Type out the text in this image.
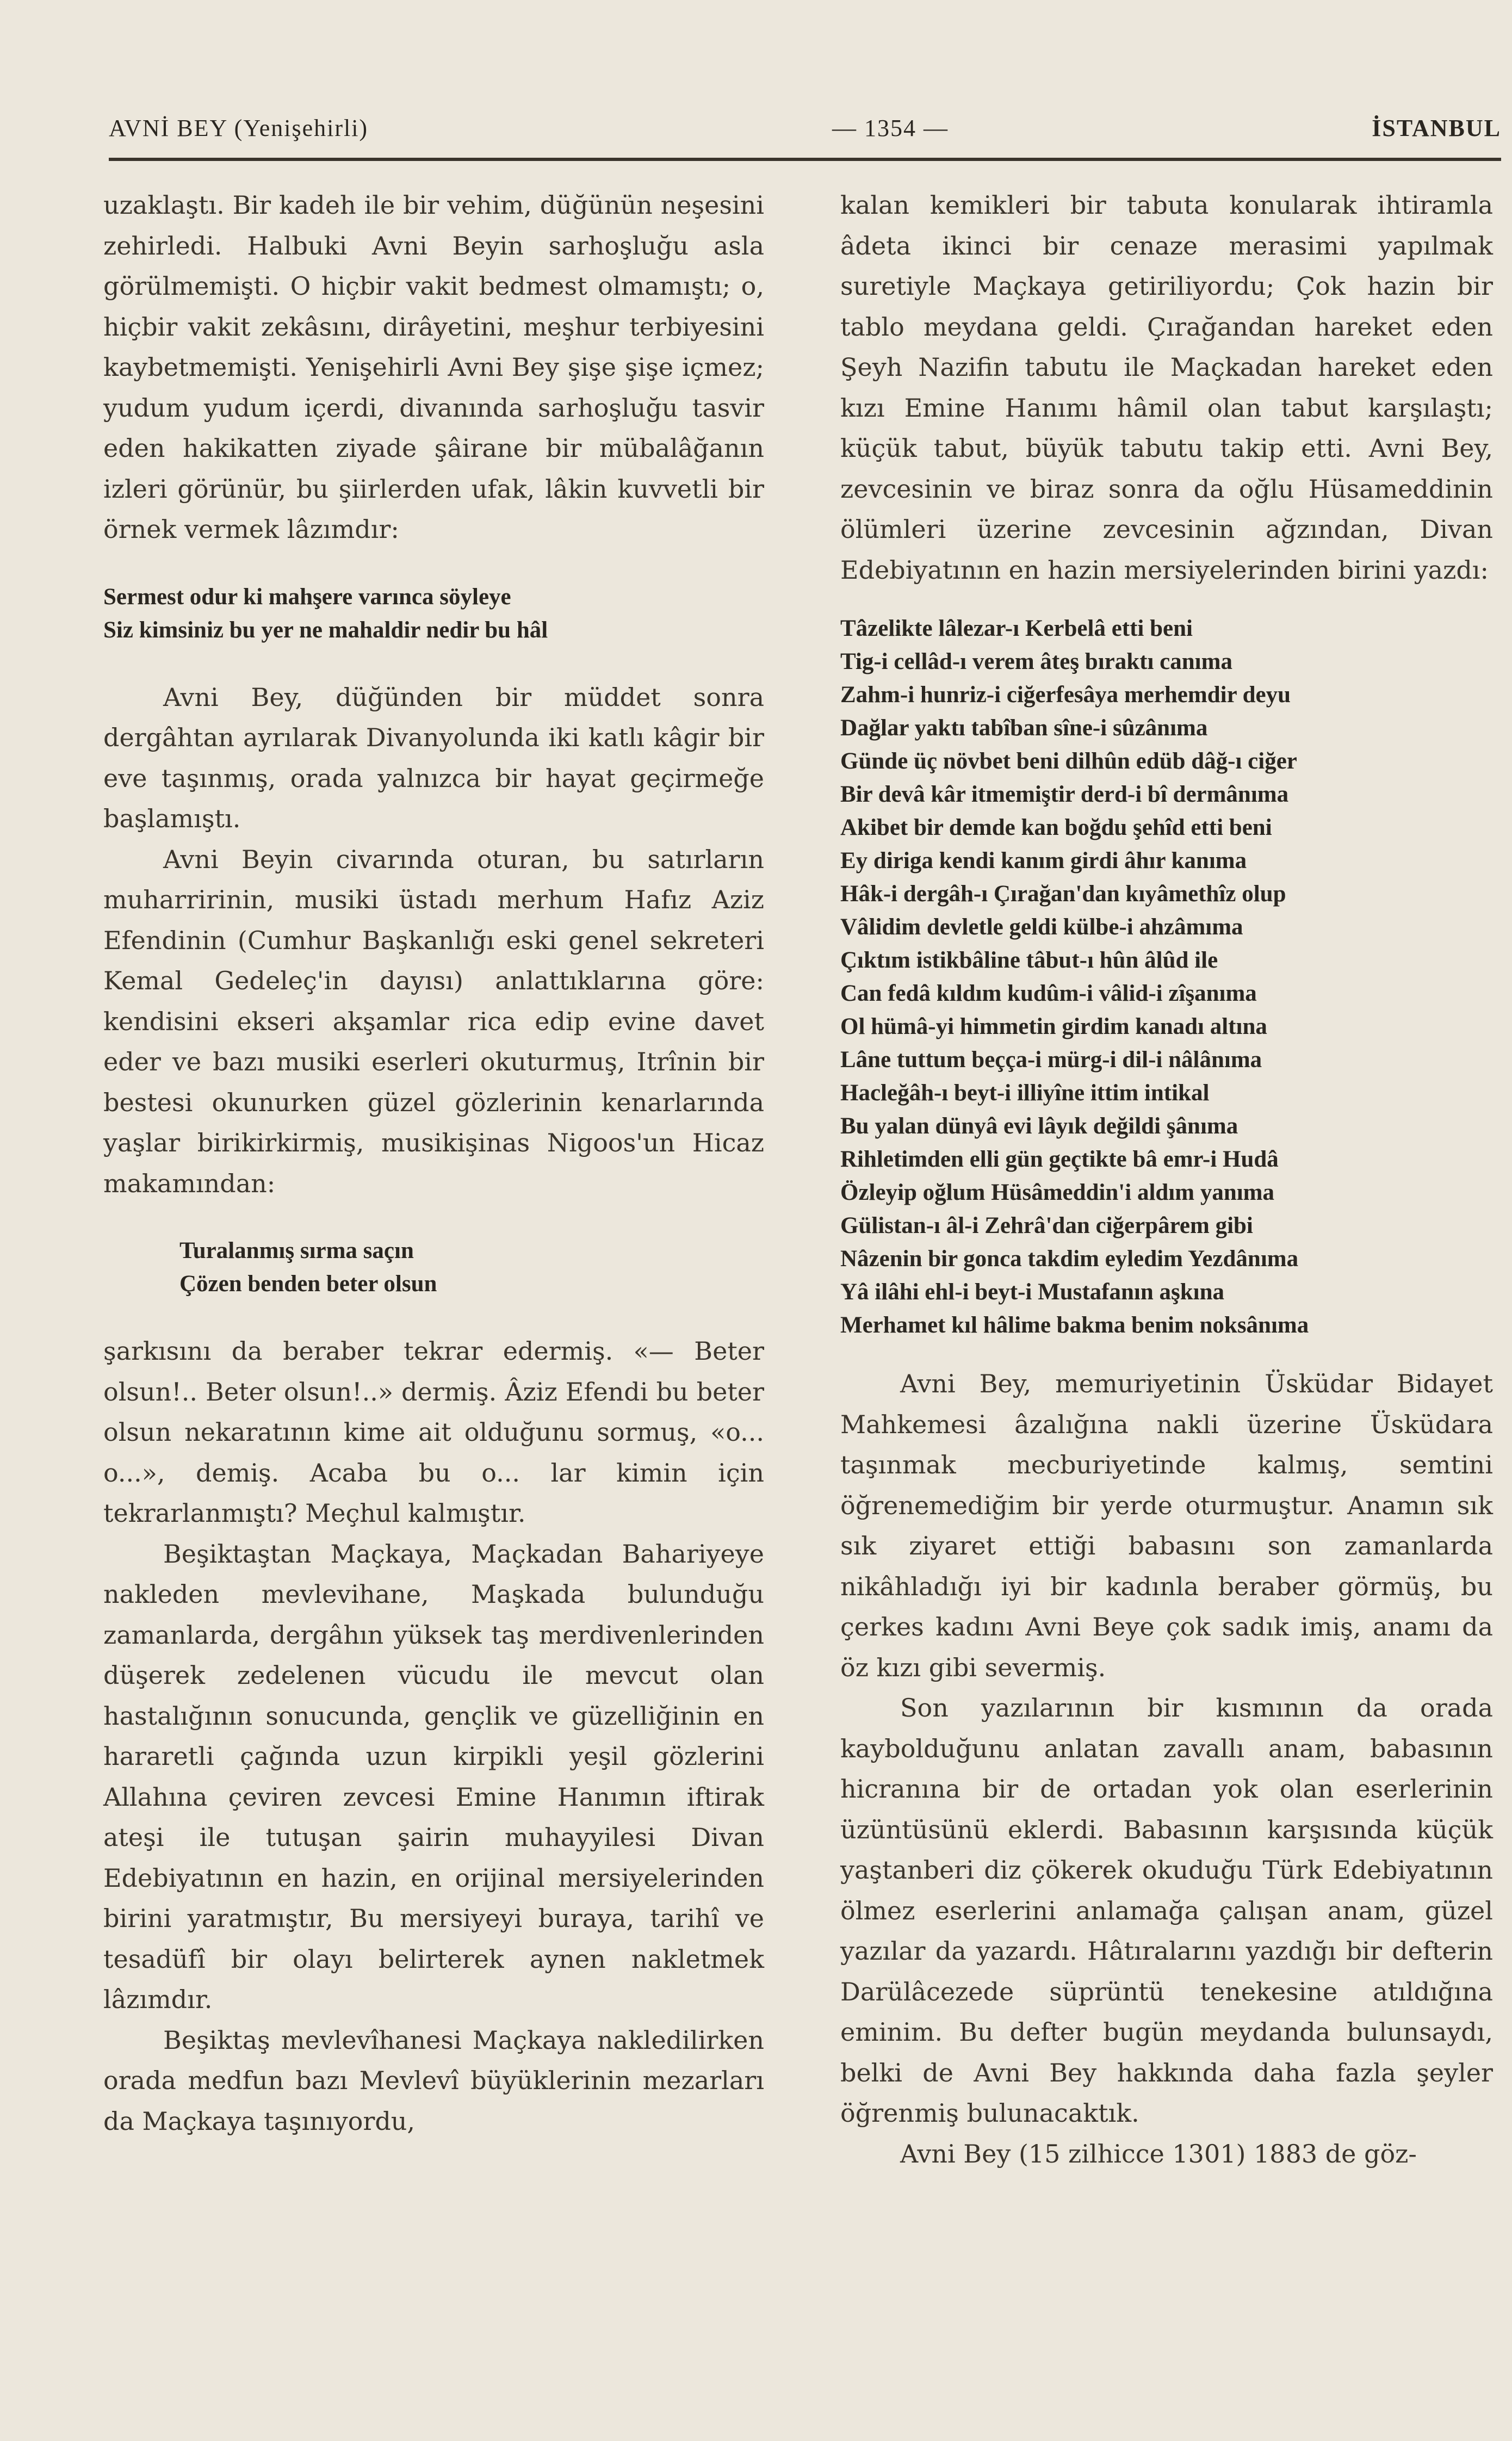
AVNİ BEY (Yenişehirli)	— 1354 —	İSTANBUL

uzaklaştı. Bir kadeh ile bir vehim, düğünün neşesini zehirledi. Halbuki Avni Beyin sarhoşluğu asla görülmemişti. O hiçbir vakit bedmest olmamıştı; o, hiçbir vakit zekâsını, dirâyetini, meşhur terbiyesini kaybetmemişti. Yenişehirli Avni Bey şişe şişe içmez; yudum yudum içerdi, divanında sarhoşluğu tasvir eden hakikatten ziyade şâirane bir mübalâğanın izleri görünür, bu şiirlerden ufak, lâkin kuvvetli bir örnek vermek lâzımdır:

Sermest odur ki mahşere varınca söyleye
Siz kimsiniz bu yer ne mahaldir nedir bu hâl

Avni Bey, düğünden bir müddet sonra dergâhtan ayrılarak Divanyolunda iki katlı kâgir bir eve taşınmış, orada yalnızca bir hayat geçirmeğe başlamıştı.

Avni Beyin civarında oturan, bu satırların muharririnin, musiki üstadı merhum Hafız Aziz Efendinin (Cumhur Başkanlığı eski genel sekreteri Kemal Gedeleç'in dayısı) anlattıklarına göre: kendisini ekseri akşamlar rica edip evine davet eder ve bazı musiki eserleri okuturmuş, Itrînin bir bestesi okunurken güzel gözlerinin kenarlarında yaşlar birikirkirmiş, musikişinas Nigoos'un Hicaz makamından:

Turalanmış sırma saçın
Çözen benden beter olsun

şarkısını da beraber tekrar edermiş. «— Beter olsun!.. Beter olsun!..» dermiş. Âziz Efendi bu beter olsun nekaratının kime ait olduğunu sormuş, «o... o...», demiş. Acaba bu o... lar kimin için tekrarlanmıştı? Meçhul kalmıştır.

Beşiktaştan Maçkaya, Maçkadan Bahariyeye nakleden mevlevihane, Maşkada bulunduğu zamanlarda, dergâhın yüksek taş merdivenlerinden düşerek zedelenen vücudu ile mevcut olan hastalığının sonucunda, gençlik ve güzelliğinin en hararetli çağında uzun kirpikli yeşil gözlerini Allahına çeviren zevcesi Emine Hanımın iftirak ateşi ile tutuşan şairin muhayyilesi Divan Edebiyatının en hazin, en orijinal mersiyelerinden birini yaratmıştır, Bu mersiyeyi buraya, tarihî ve tesadüfî bir olayı belirterek aynen nakletmek lâzımdır.

Beşiktaş mevlevîhanesi Maçkaya nakledilirken orada medfun bazı Mevlevî büyüklerinin mezarları da Maçkaya taşınıyordu,

kalan kemikleri bir tabuta konularak ihtiramla âdeta ikinci bir cenaze merasimi yapılmak suretiyle Maçkaya getiriliyordu; Çok hazin bir tablo meydana geldi. Çırağandan hareket eden Şeyh Nazifin tabutu ile Maçkadan hareket eden kızı Emine Hanımı hâmil olan tabut karşılaştı; küçük tabut, büyük tabutu takip etti. Avni Bey, zevcesinin ve biraz sonra da oğlu Hüsameddinin ölümleri üzerine zevcesinin ağzından, Divan Edebiyatının en hazin mersiyelerinden birini yazdı:

Tâzelikte lâlezar-ı Kerbelâ etti beni
Tig-i cellâd-ı verem âteş bıraktı canıma
Zahm-i hunriz-i ciğerfesâya merhemdir deyu
Dağlar yaktı tabîban sîne-i sûzânıma
Günde üç növbet beni dilhûn edüb dâğ-ı ciğer
Bir devâ kâr itmemiştir derd-i bî dermânıma
Akibet bir demde kan boğdu şehîd etti beni
Ey diriga kendi kanım girdi âhır kanıma
Hâk-i dergâh-ı Çırağan'dan kıyâmethîz olup
Vâlidim devletle geldi külbe-i ahzâmıma
Çıktım istikbâline tâbut-ı hûn âlûd ile
Can fedâ kıldım kudûm-i vâlid-i zîşanıma
Ol hümâ-yi himmetin girdim kanadı altına
Lâne tuttum beçça-i mürg-i dil-i nâlânıma
Hacleğâh-ı beyt-i illiyîne ittim intikal
Bu yalan dünyâ evi lâyık değildi şânıma
Rihletimden elli gün geçtikte bâ emr-i Hudâ
Özleyip oğlum Hüsâmeddin'i aldım yanıma
Gülistan-ı âl-i Zehrâ'dan ciğerpârem gibi
Nâzenin bir gonca takdim eyledim Yezdânıma
Yâ ilâhi ehl-i beyt-i Mustafanın aşkına
Merhamet kıl hâlime bakma benim noksânıma

Avni Bey, memuriyetinin Üsküdar Bidayet Mahkemesi âzalığına nakli üzerine Üsküdara taşınmak mecburiyetinde kalmış, semtini öğrenemediğim bir yerde oturmuştur. Anamın sık sık ziyaret ettiği babasını son zamanlarda nikâhladığı iyi bir kadınla beraber görmüş, bu çerkes kadını Avni Beye çok sadık imiş, anamı da öz kızı gibi severmiş.

Son yazılarının bir kısmının da orada kaybolduğunu anlatan zavallı anam, babasının hicranına bir de ortadan yok olan eserlerinin üzüntüsünü eklerdi. Babasının karşısında küçük yaştanberi diz çökerek okuduğu Türk Edebiyatının ölmez eserlerini anlamağa çalışan anam, güzel yazılar da yazardı. Hâtıralarını yazdığı bir defterin Darülâcezede süprüntü tenekesine atıldığına eminim. Bu defter bugün meydanda bulunsaydı, belki de Avni Bey hakkında daha fazla şeyler öğrenmiş bulunacaktık.

Avni Bey (15 zilhicce 1301) 1883 de göz-
